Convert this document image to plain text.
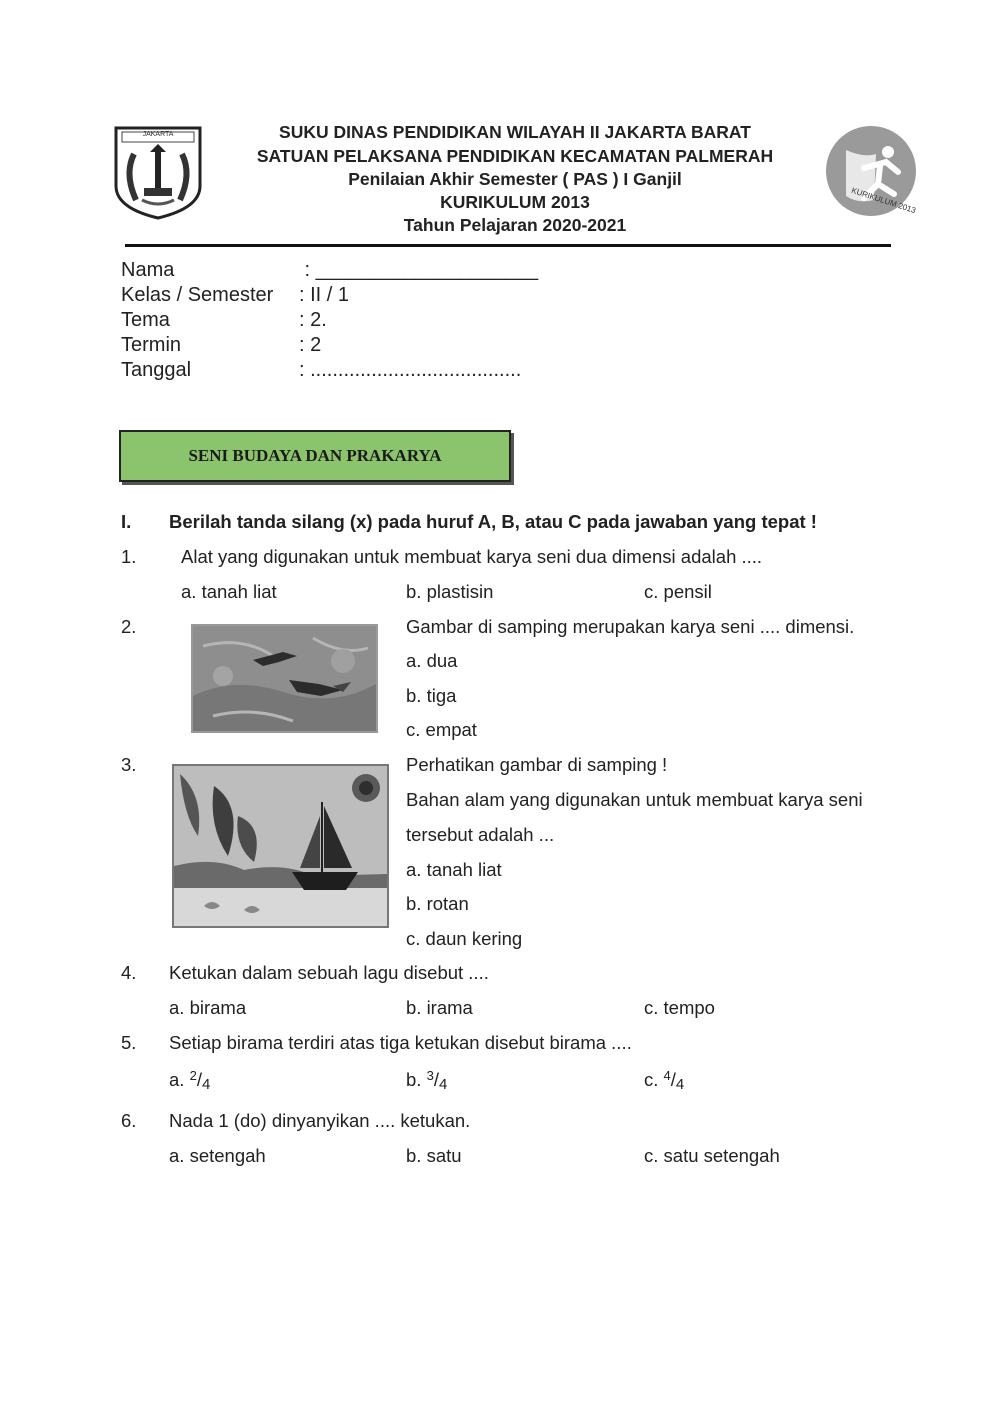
JAKARTA	SUKU DINAS PENDIDIKAN WILAYAH II JAKARTA BARAT
SATUAN PELAKSANA PENDIDIKAN KECAMATAN PALMERAH
Penilaian Akhir Semester ( PAS ) I Ganjil
KURIKULUM 2013
Tahun Pelajaran 2020-2021
KURIKULUM 2013
Nama	: ____________________
Kelas / Semester : II / 1
Tema	: 2.
Termin	: 2
Tanggal	: ......................................
SENI BUDAYA DAN PRAKARYA
I. Berilah tanda silang (x) pada huruf A, B, atau C pada jawaban yang tepat !
1. Alat yang digunakan untuk membuat karya seni dua dimensi adalah ....
a. tanah liat	b. plastisin	c. pensil
2.	Gambar di samping merupakan karya seni .... dimensi.
a. dua
b. tiga
c. empat
3.	Perhatikan gambar di samping !
Bahan alam yang digunakan untuk membuat karya seni
tersebut adalah ...
a. tanah liat
b. rotan
c. daun kering
4. Ketukan dalam sebuah lagu disebut ....
a. birama	b. irama	c. tempo
5. Setiap birama terdiri atas tiga ketukan disebut birama ....
a. $^2/_4$	b. $^3/_4$	c. $^4/_4$
6. Nada 1 (do) dinyanyikan .... ketukan.
a. setengah	b. satu	c. satu setengah
